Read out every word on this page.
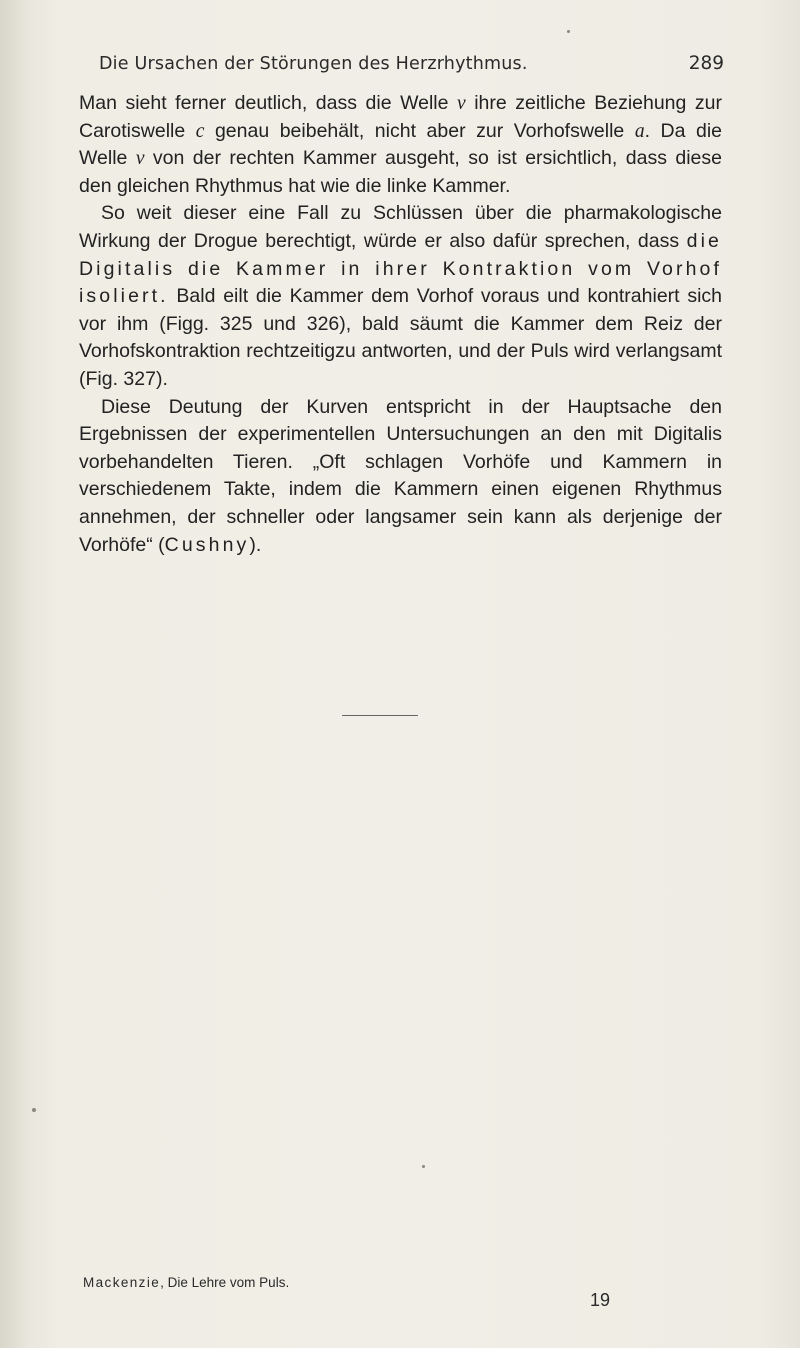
Die Ursachen der Störungen des Herzrhythmus.	289

Man sieht ferner deutlich, dass die Welle v ihre zeitliche Beziehung zur Carotiswelle c genau beibehält, nicht aber zur Vorhofswelle a. Da die Welle v von der rechten Kammer ausgeht, so ist ersichtlich, dass diese den gleichen Rhythmus hat wie die linke Kammer.

So weit dieser eine Fall zu Schlüssen über die pharmakologische Wirkung der Drogue berechtigt, würde er also dafür sprechen, dass die Digitalis die Kammer in ihrer Kontraktion vom Vorhof isoliert. Bald eilt die Kammer dem Vorhof voraus und kontrahiert sich vor ihm (Figg. 325 und 326), bald säumt die Kammer dem Reiz der Vorhofskontraktion rechtzeitigzu antworten, und der Puls wird verlangsamt (Fig. 327).

Diese Deutung der Kurven entspricht in der Hauptsache den Ergebnissen der experimentellen Untersuchungen an den mit Digitalis vorbehandelten Tieren. „Oft schlagen Vorhöfe und Kammern in verschiedenem Takte, indem die Kammern einen eigenen Rhythmus annehmen, der schneller oder langsamer sein kann als derjenige der Vorhöfe“ (Cushny).

Mackenzie, Die Lehre vom Puls.
19
